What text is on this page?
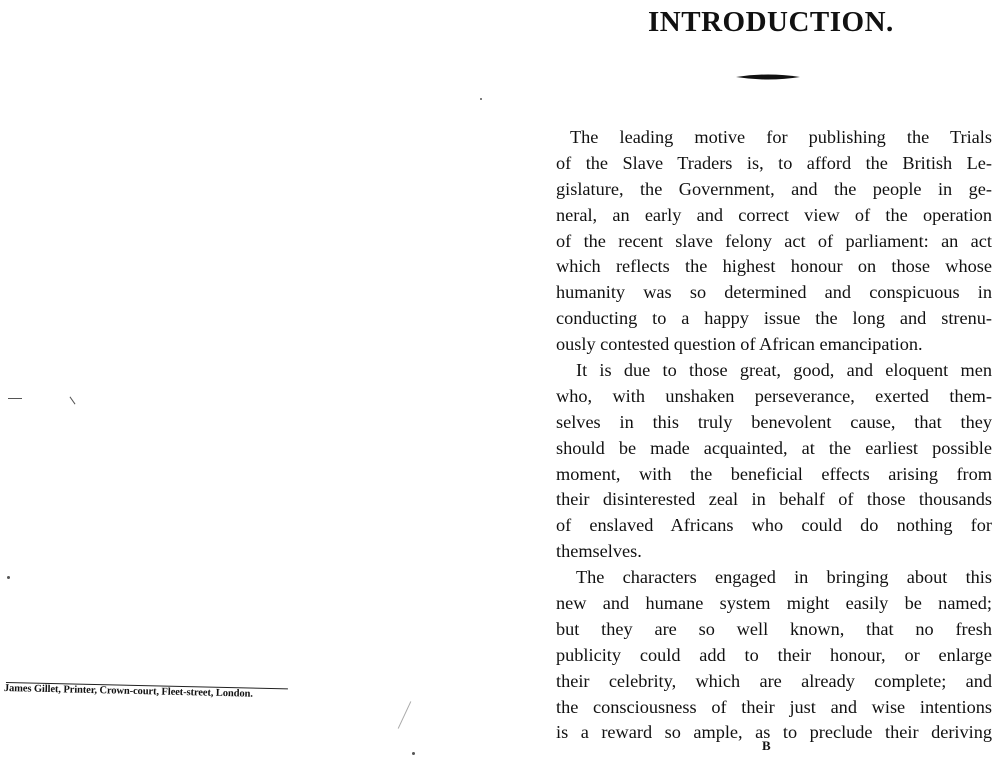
James Gillet, Printer, Crown-court, Fleet-street, London.
INTRODUCTION.
The leading motive for publishing the Trials
of the Slave Traders is, to afford the British Le-
gislature, the Government, and the people in ge-
neral, an early and correct view of the operation
of the recent slave felony act of parliament: an act
which reflects the highest honour on those whose
humanity was so determined and conspicuous in
conducting to a happy issue the long and strenu-
ously contested question of African emancipation.
It is due to those great, good, and eloquent men
who, with unshaken perseverance, exerted them-
selves in this truly benevolent cause, that they
should be made acquainted, at the earliest possible
moment, with the beneficial effects arising from
their disinterested zeal in behalf of those thousands
of enslaved Africans who could do nothing for
themselves.
The characters engaged in bringing about this
new and humane system might easily be named;
but they are so well known, that no fresh
publicity could add to their honour, or enlarge
their celebrity, which are already complete; and
the consciousness of their just and wise intentions
is a reward so ample, as to preclude their deriving
B
